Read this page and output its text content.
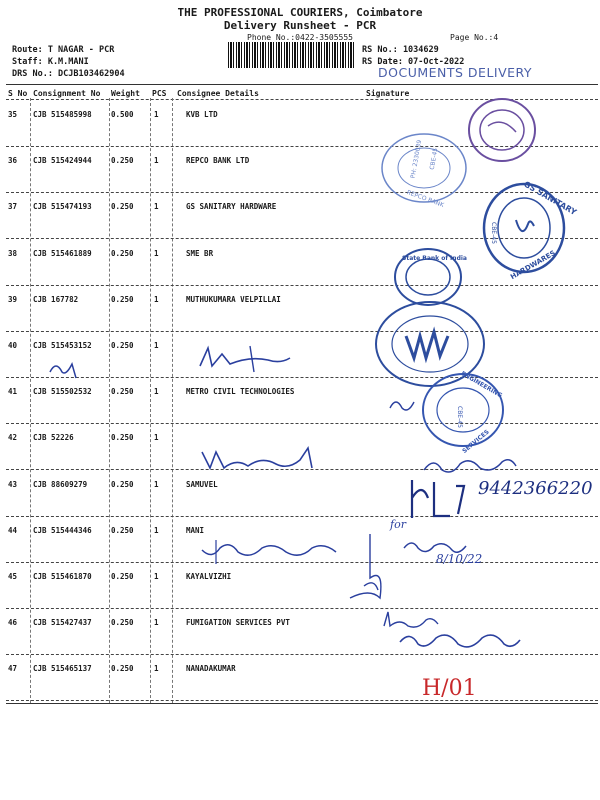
THE PROFESSIONAL COURIERS, Coimbatore
Delivery Runsheet - PCR
Phone No.:0422-3505555	Page No.:4
Route: T NAGAR - PCR
Staff: K.M.MANI
DRS No.: DCJB103462904
RS No.: 1034629
RS Date: 07-Oct-2022
DOCUMENTS DELIVERY
S No Consignment No Weight PCS Consignee Details	Signature
35 CJB 515485998	0.500	1	KVB LTD
36 CJB 515424944	0.250	1	REPCO BANK LTD
37 CJB 515474193	0.250	1	GS SANITARY HARDWARE
38 CJB 515461889	0.250	1	SME BR
39 CJB 167782	0.250	1	MUTHUKUMARA VELPILLAI
40 CJB 515453152	0.250	1
41 CJB 515502532	0.250	1	METRO CIVIL TECHNOLOGIES
42 CJB 52226	0.250	1
43 CJB 88609279	0.250	1	SAMUVEL
44 CJB 515444346	0.250	1	MANI
45 CJB 515461870	0.250	1	KAYALVIZHI
46 CJB 515427437	0.250	1	FUMIGATION SERVICES PVT
47 CJB 515465137	0.250	1	NANADAKUMAR
PH: 2330039 CBE-45
REPCO BANK	GS SANITARY
HARDWARES
CBE-45
State Bank of India
ENGINEERING
SERVICES
CBE-45
9442366220
for
8/10/22
H/01
